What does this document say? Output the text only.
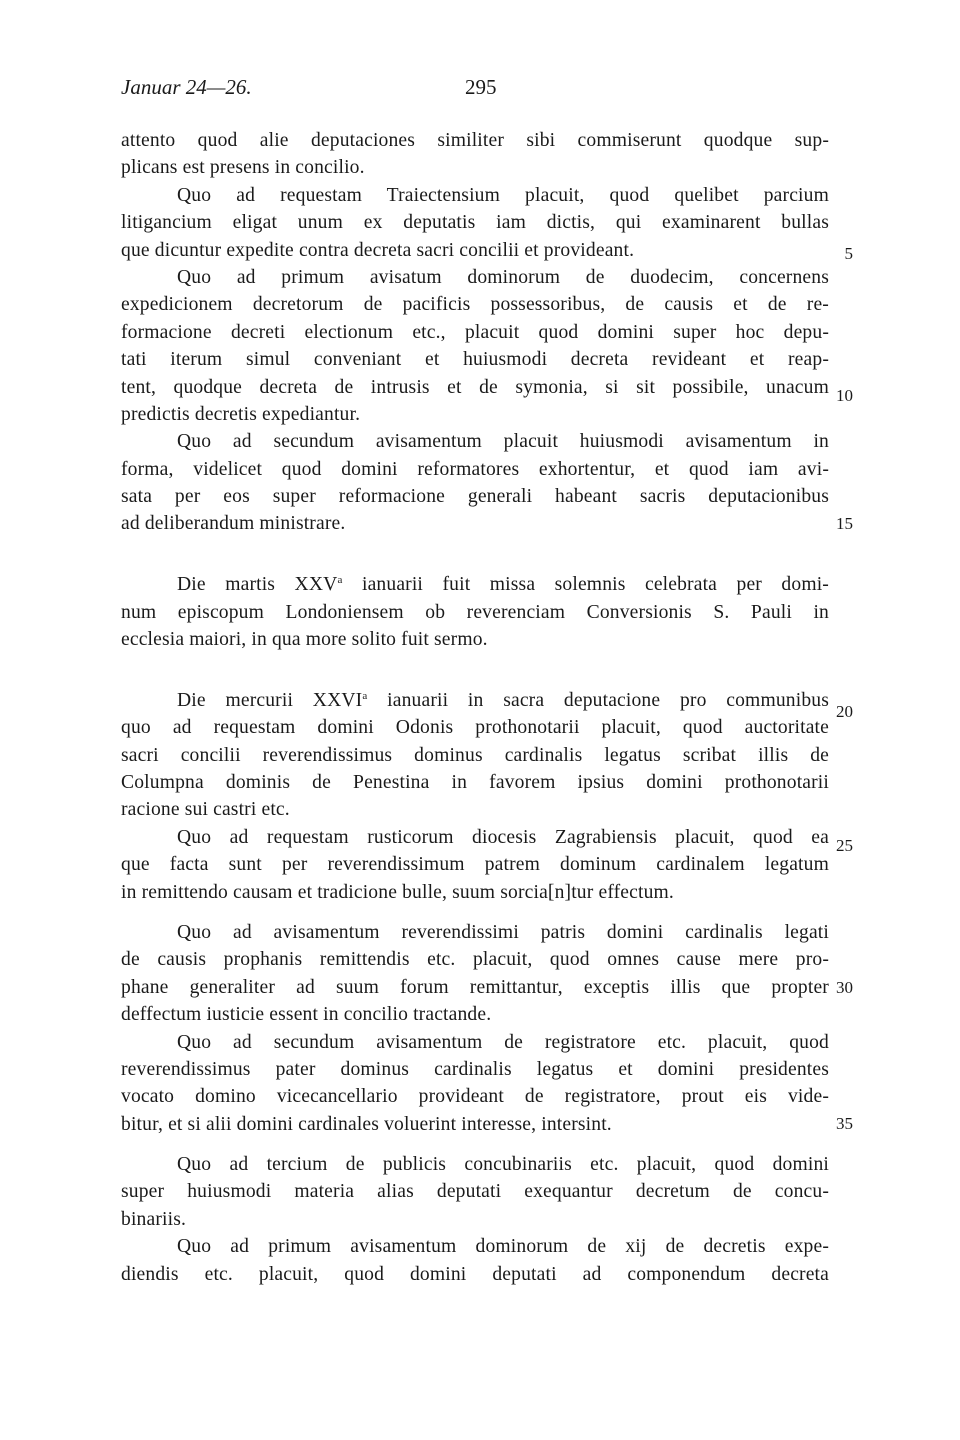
Januar 24—26.	295
attento quod alie deputaciones similiter sibi commiserunt quodque sup-
plicans est presens in concilio.
Quo ad requestam Traiectensium placuit, quod quelibet parcium
litigancium eligat unum ex deputatis iam dictis, qui examinarent bullas
que dicuntur expedite contra decreta sacri concilii et provideant.
Quo ad primum avisatum dominorum de duodecim, concernens
expedicionem decretorum de pacificis possessoribus, de causis et de re-
formacione decreti electionum etc., placuit quod domini super hoc depu-
tati iterum simul conveniant et huiusmodi decreta revideant et reap-
tent, quodque decreta de intrusis et de symonia, si sit possibile, unacum
predictis decretis expediantur.
Quo ad secundum avisamentum placuit huiusmodi avisamentum in
forma, videlicet quod domini reformatores exhortentur, et quod iam avi-
sata per eos super reformacione generali habeant sacris deputacionibus
ad deliberandum ministrare.
Die martis XXV$^a$ ianuarii fuit missa solemnis celebrata per domi-
num episcopum Londoniensem ob reverenciam Conversionis S. Pauli in
ecclesia maiori, in qua more solito fuit sermo.
Die mercurii XXVI$^a$ ianuarii in sacra deputacione pro communibus
quo ad requestam domini Odonis prothonotarii placuit, quod auctoritate
sacri concilii reverendissimus dominus cardinalis legatus scribat illis de
Columpna dominis de Penestina in favorem ipsius domini prothonotarii
racione sui castri etc.
Quo ad requestam rusticorum diocesis Zagrabiensis placuit, quod ea
que facta sunt per reverendissimum patrem dominum cardinalem legatum
in remittendo causam et tradicione bulle, suum sorcia[n]tur effectum.
Quo ad avisamentum reverendissimi patris domini cardinalis legati
de causis prophanis remittendis etc. placuit, quod omnes cause mere pro-
phane generaliter ad suum forum remittantur, exceptis illis que propter
deffectum iusticie essent in concilio tractande.
Quo ad secundum avisamentum de registratore etc. placuit, quod
reverendissimus pater dominus cardinalis legatus et domini presidentes
vocato domino vicecancellario provideant de registratore, prout eis vide-
bitur, et si alii domini cardinales voluerint interesse, intersint.
Quo ad tercium de publicis concubinariis etc. placuit, quod domini
super huiusmodi materia alias deputati exequantur decretum de concu-
binariis.
Quo ad primum avisamentum dominorum de xij de decretis expe-
diendis etc. placuit, quod domini deputati ad componendum decreta
5
10
15
20
25
30
35
